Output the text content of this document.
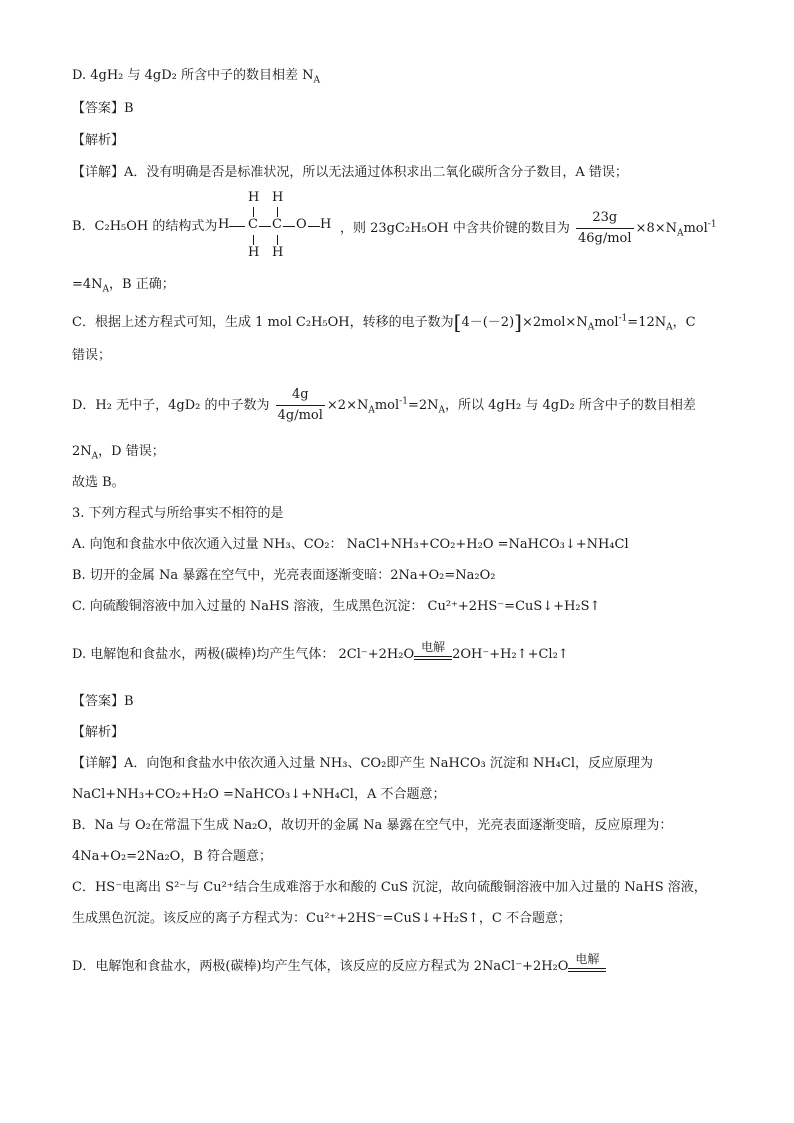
D. 4gH₂ 与 4gD₂ 所含中子的数目相差 $N_A$
【答案】B
【解析】
【详解】A．没有明确是否是标准状况，所以无法通过体积求出二氧化碳所含分子数目，A 错误；
B．C₂H₅OH 的结构式为
H H
H C C O H
H H
，则 23gC₂H₅OH 中含共价键的数目为 $\frac{23g}{\text{46g/mol}} \times 8\times N_Amol^{-1}$
$=4N_A$，B 正确；
C．根据上述方程式可知，生成 1 mol C₂H₅OH，转移的电子数为$[4-(-2)]\times 2mol\times N_Amol^{-1}=12N_A$，C
错误；
D．H₂ 无中子，4gD₂ 的中子数为 $\frac{4g}{\text{4g/mol}} \times 2\times N_Amol^{-1}=2N_A$，所以 4gH₂ 与 4gD₂ 所含中子的数目相差
$2N_A$，D 错误；
故选 B。
3. 下列方程式与所给事实不相符的是
A. 向饱和食盐水中依次通入过量 NH₃、CO₂： NaCl+NH₃+CO₂+H₂O =NaHCO₃↓+NH₄Cl
B. 切开的金属 Na 暴露在空气中，光亮表面逐渐变暗：2Na+O₂=Na₂O₂
C. 向硫酸铜溶液中加入过量的 NaHS 溶液，生成黑色沉淀： Cu²⁺+2HS⁻=CuS↓+H₂S↑
D. 电解饱和食盐水，两极(碳棒)均产生气体： 2Cl⁻+2H₂O 电解 2OH⁻+H₂↑+Cl₂↑
【答案】B
【解析】
【详解】A．向饱和食盐水中依次通入过量 NH₃、CO₂即产生 NaHCO₃ 沉淀和 NH₄Cl，反应原理为
NaCl+NH₃+CO₂+H₂O =NaHCO₃↓+NH₄Cl，A 不合题意；
B．Na 与 O₂在常温下生成 Na₂O，故切开的金属 Na 暴露在空气中，光亮表面逐渐变暗，反应原理为：
4Na+O₂=2Na₂O，B 符合题意；
C．HS⁻电离出 S²⁻与 Cu²⁺结合生成难溶于水和酸的 CuS 沉淀，故向硫酸铜溶液中加入过量的 NaHS 溶液，
生成黑色沉淀。该反应的离子方程式为：Cu²⁺+2HS⁻=CuS↓+H₂S↑，C 不合题意；
D．电解饱和食盐水，两极(碳棒)均产生气体，该反应的反应方程式为 2NaCl⁻+2H₂O 电解
